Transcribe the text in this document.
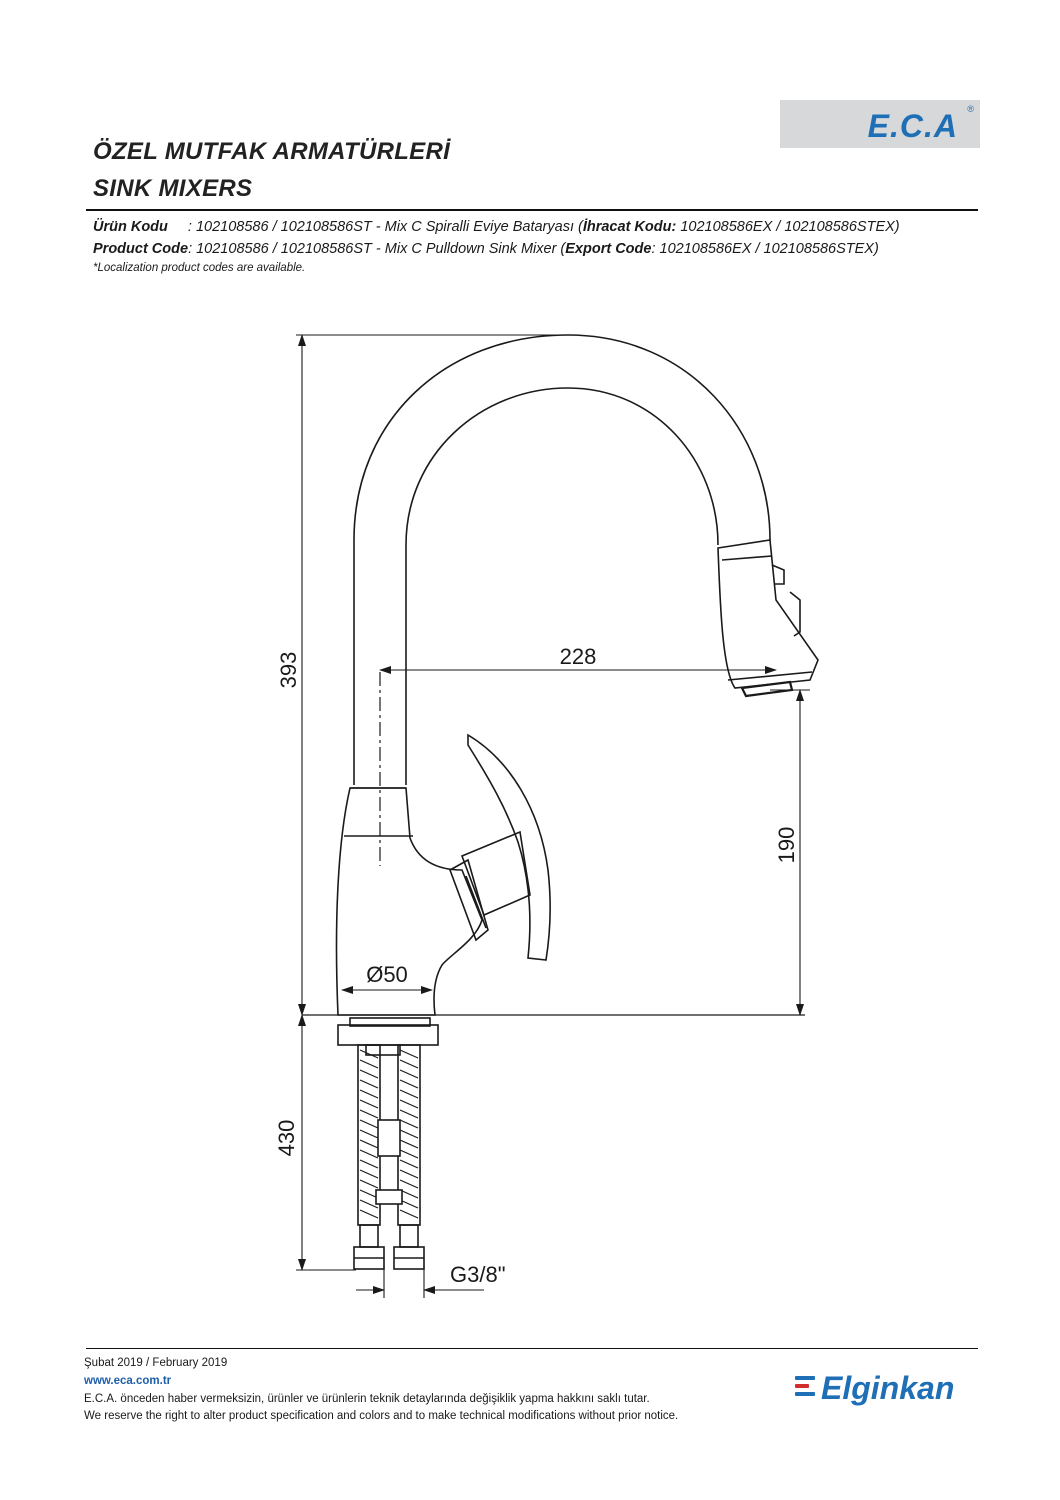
E.C.A ®
ÖZEL MUTFAK ARMATÜRLERİ
SINK MIXERS
Ürün Kodu : 102108586 / 102108586ST - Mix C Spiralli Eviye Bataryası (İhracat Kodu: 102108586EX / 102108586STEX)
Product Code: 102108586 / 102108586ST - Mix C Pulldown Sink Mixer (Export Code: 102108586EX / 102108586STEX)
*Localization product codes are available.
393	228
190
Ø50
430
G3/8"
Şubat 2019 / February 2019
www.eca.com.tr
E.C.A. önceden haber vermeksizin, ürünler ve ürünlerin teknik detaylarında değişiklik yapma hakkını saklı tutar.
We reserve the right to alter product specification and colors and to make technical modifications without prior notice.
Elginkan
